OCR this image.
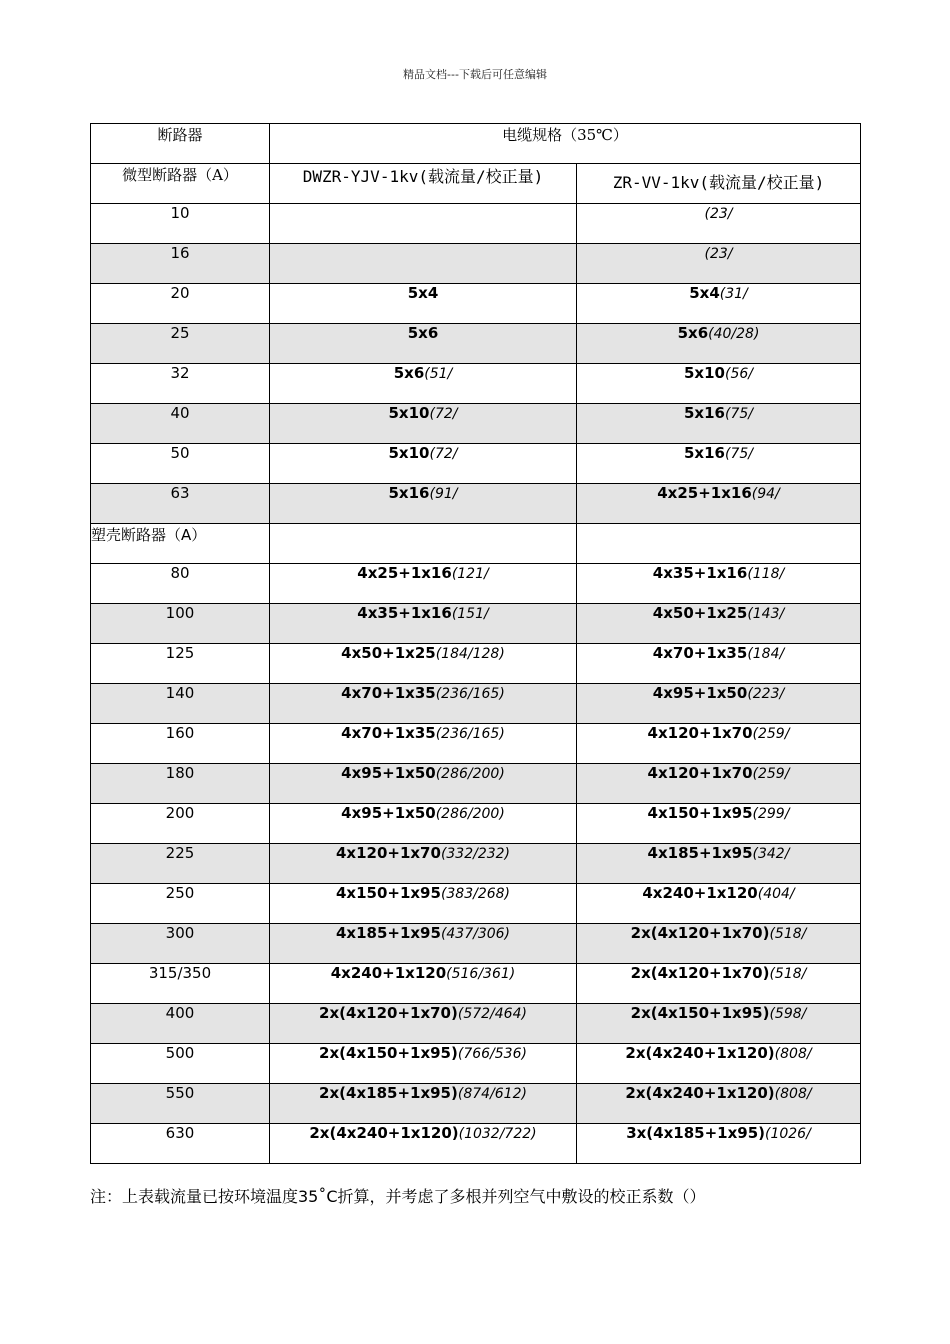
精品文档---下载后可任意编辑
断路器	电缆规格（35℃）	
微型断路器（A）	DWZR-YJV-1kv(载流量/校正量)	ZR-VV-1kv(载流量/校正量)
10		(23/
16		(23/
20	5x4	5x4(31/
25	5x6	5x6(40/28)
32	5x6(51/	5x10(56/
40	5x10(72/	5x16(75/
50	5x10(72/	5x16(75/
63	5x16(91/	4x25+1x16(94/
塑壳断路器（A）		
80	4x25+1x16(121/	4x35+1x16(118/
100	4x35+1x16(151/	4x50+1x25(143/
125	4x50+1x25(184/128)	4x70+1x35(184/
140	4x70+1x35(236/165)	4x95+1x50(223/
160	4x70+1x35(236/165)	4x120+1x70(259/
180	4x95+1x50(286/200)	4x120+1x70(259/
200	4x95+1x50(286/200)	4x150+1x95(299/
225	4x120+1x70(332/232)	4x185+1x95(342/
250	4x150+1x95(383/268)	4x240+1x120(404/
300	4x185+1x95(437/306)	2x(4x120+1x70)(518/
315/350	4x240+1x120(516/361)	2x(4x120+1x70)(518/
400	2x(4x120+1x70)(572/464)	2x(4x150+1x95)(598/
500	2x(4x150+1x95)(766/536)	2x(4x240+1x120)(808/
550	2x(4x185+1x95)(874/612)	2x(4x240+1x120)(808/
630	2x(4x240+1x120)(1032/722)	3x(4x185+1x95)(1026/
注：上表载流量已按环境温度35˚C折算，并考虑了多根并列空气中敷设的校正系数（）
